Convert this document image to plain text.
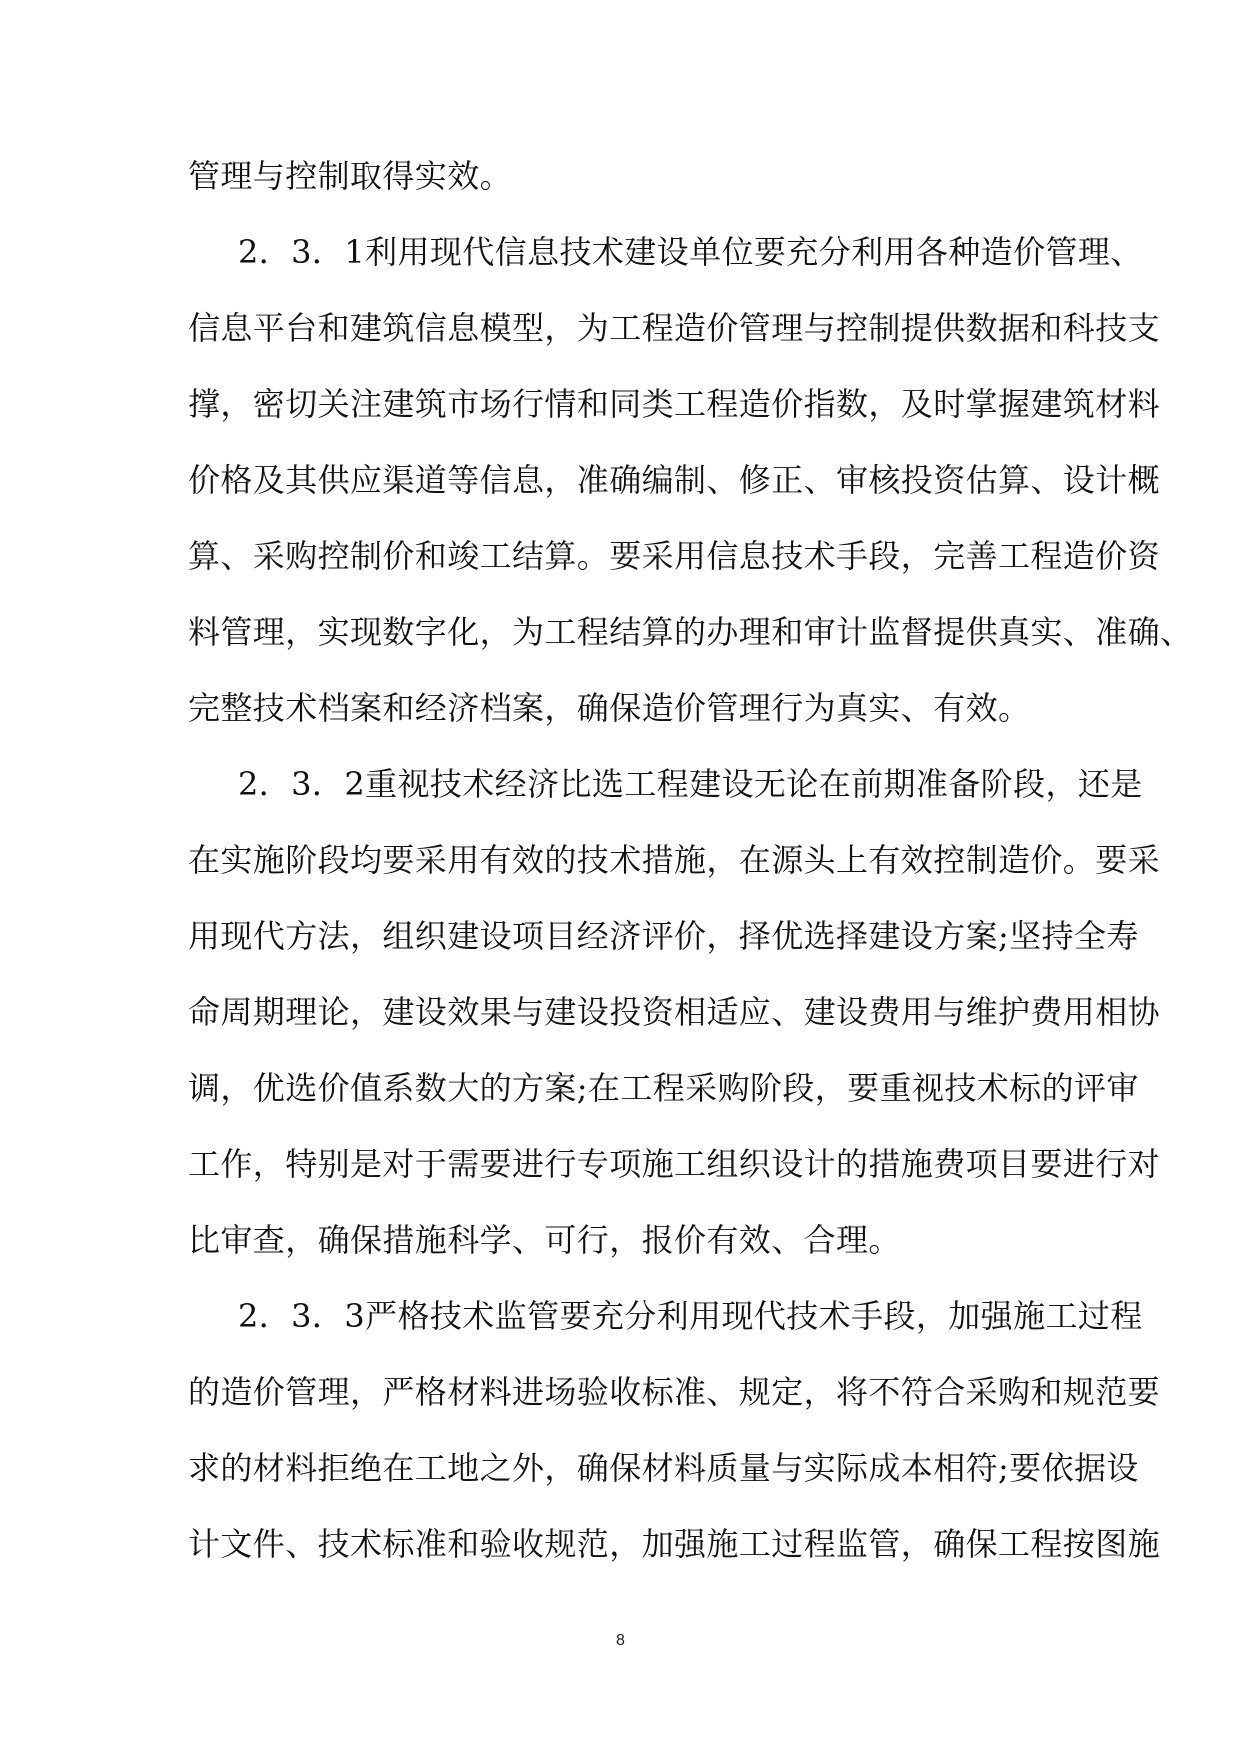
管理与控制取得实效。
2．3．1利用现代信息技术建设单位要充分利用各种造价管理、
信息平台和建筑信息模型，为工程造价管理与控制提供数据和科技支
撑，密切关注建筑市场行情和同类工程造价指数，及时掌握建筑材料
价格及其供应渠道等信息，准确编制、修正、审核投资估算、设计概
算、采购控制价和竣工结算。要采用信息技术手段，完善工程造价资
料管理，实现数字化，为工程结算的办理和审计监督提供真实、准确、
完整技术档案和经济档案，确保造价管理行为真实、有效。
2．3．2重视技术经济比选工程建设无论在前期准备阶段，还是
在实施阶段均要采用有效的技术措施，在源头上有效控制造价。要采
用现代方法，组织建设项目经济评价，择优选择建设方案;坚持全寿
命周期理论，建设效果与建设投资相适应、建设费用与维护费用相协
调，优选价值系数大的方案;在工程采购阶段，要重视技术标的评审
工作，特别是对于需要进行专项施工组织设计的措施费项目要进行对
比审查，确保措施科学、可行，报价有效、合理。
2．3．3严格技术监管要充分利用现代技术手段，加强施工过程
的造价管理，严格材料进场验收标准、规定，将不符合采购和规范要
求的材料拒绝在工地之外，确保材料质量与实际成本相符;要依据设
计文件、技术标准和验收规范，加强施工过程监管，确保工程按图施
8
